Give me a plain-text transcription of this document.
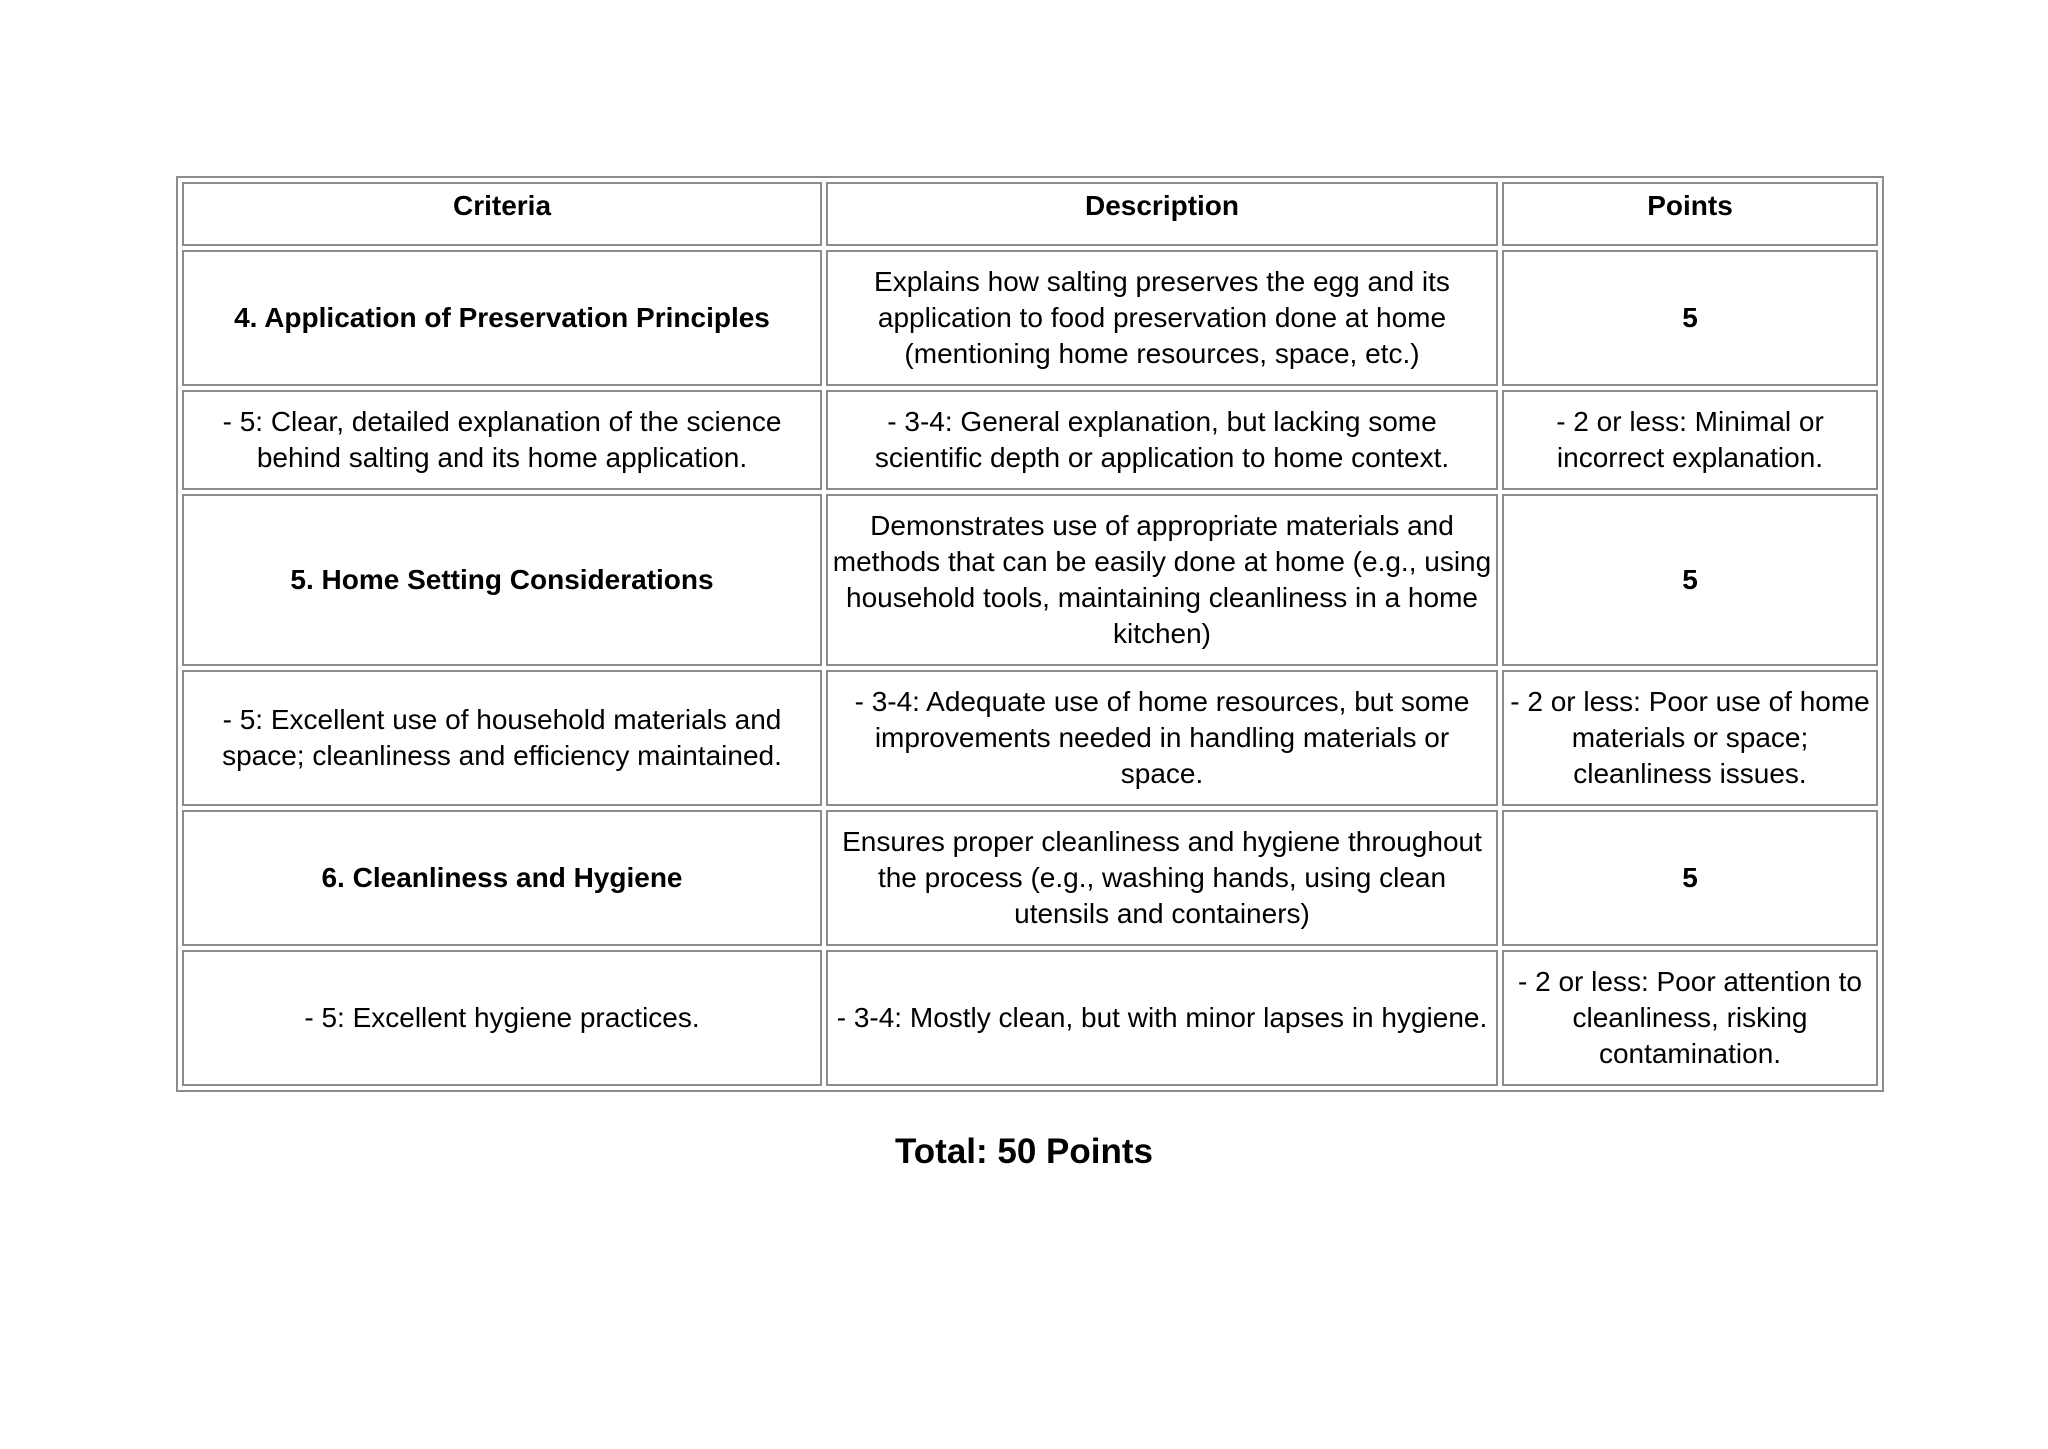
Criteria	Description	Points
4. Application of Preservation Principles	Explains how salting preserves the egg and its application to food preservation done at home (mentioning home resources, space, etc.)	5
- 5: Clear, detailed explanation of the science behind salting and its home application.	- 3-4: General explanation, but lacking some scientific depth or application to home context.	- 2 or less: Minimal or incorrect explanation.
5. Home Setting Considerations	Demonstrates use of appropriate materials and methods that can be easily done at home (e.g., using household tools, maintaining cleanliness in a home kitchen)	5
- 5: Excellent use of household materials and space; cleanliness and efficiency maintained.	- 3-4: Adequate use of home resources, but some improvements needed in handling materials or space.	- 2 or less: Poor use of home materials or space; cleanliness issues.
6. Cleanliness and Hygiene	Ensures proper cleanliness and hygiene throughout the process (e.g., washing hands, using clean utensils and containers)	5
- 5: Excellent hygiene practices.	- 3-4: Mostly clean, but with minor lapses in hygiene.	- 2 or less: Poor attention to cleanliness, risking contamination.
Total: 50 Points
